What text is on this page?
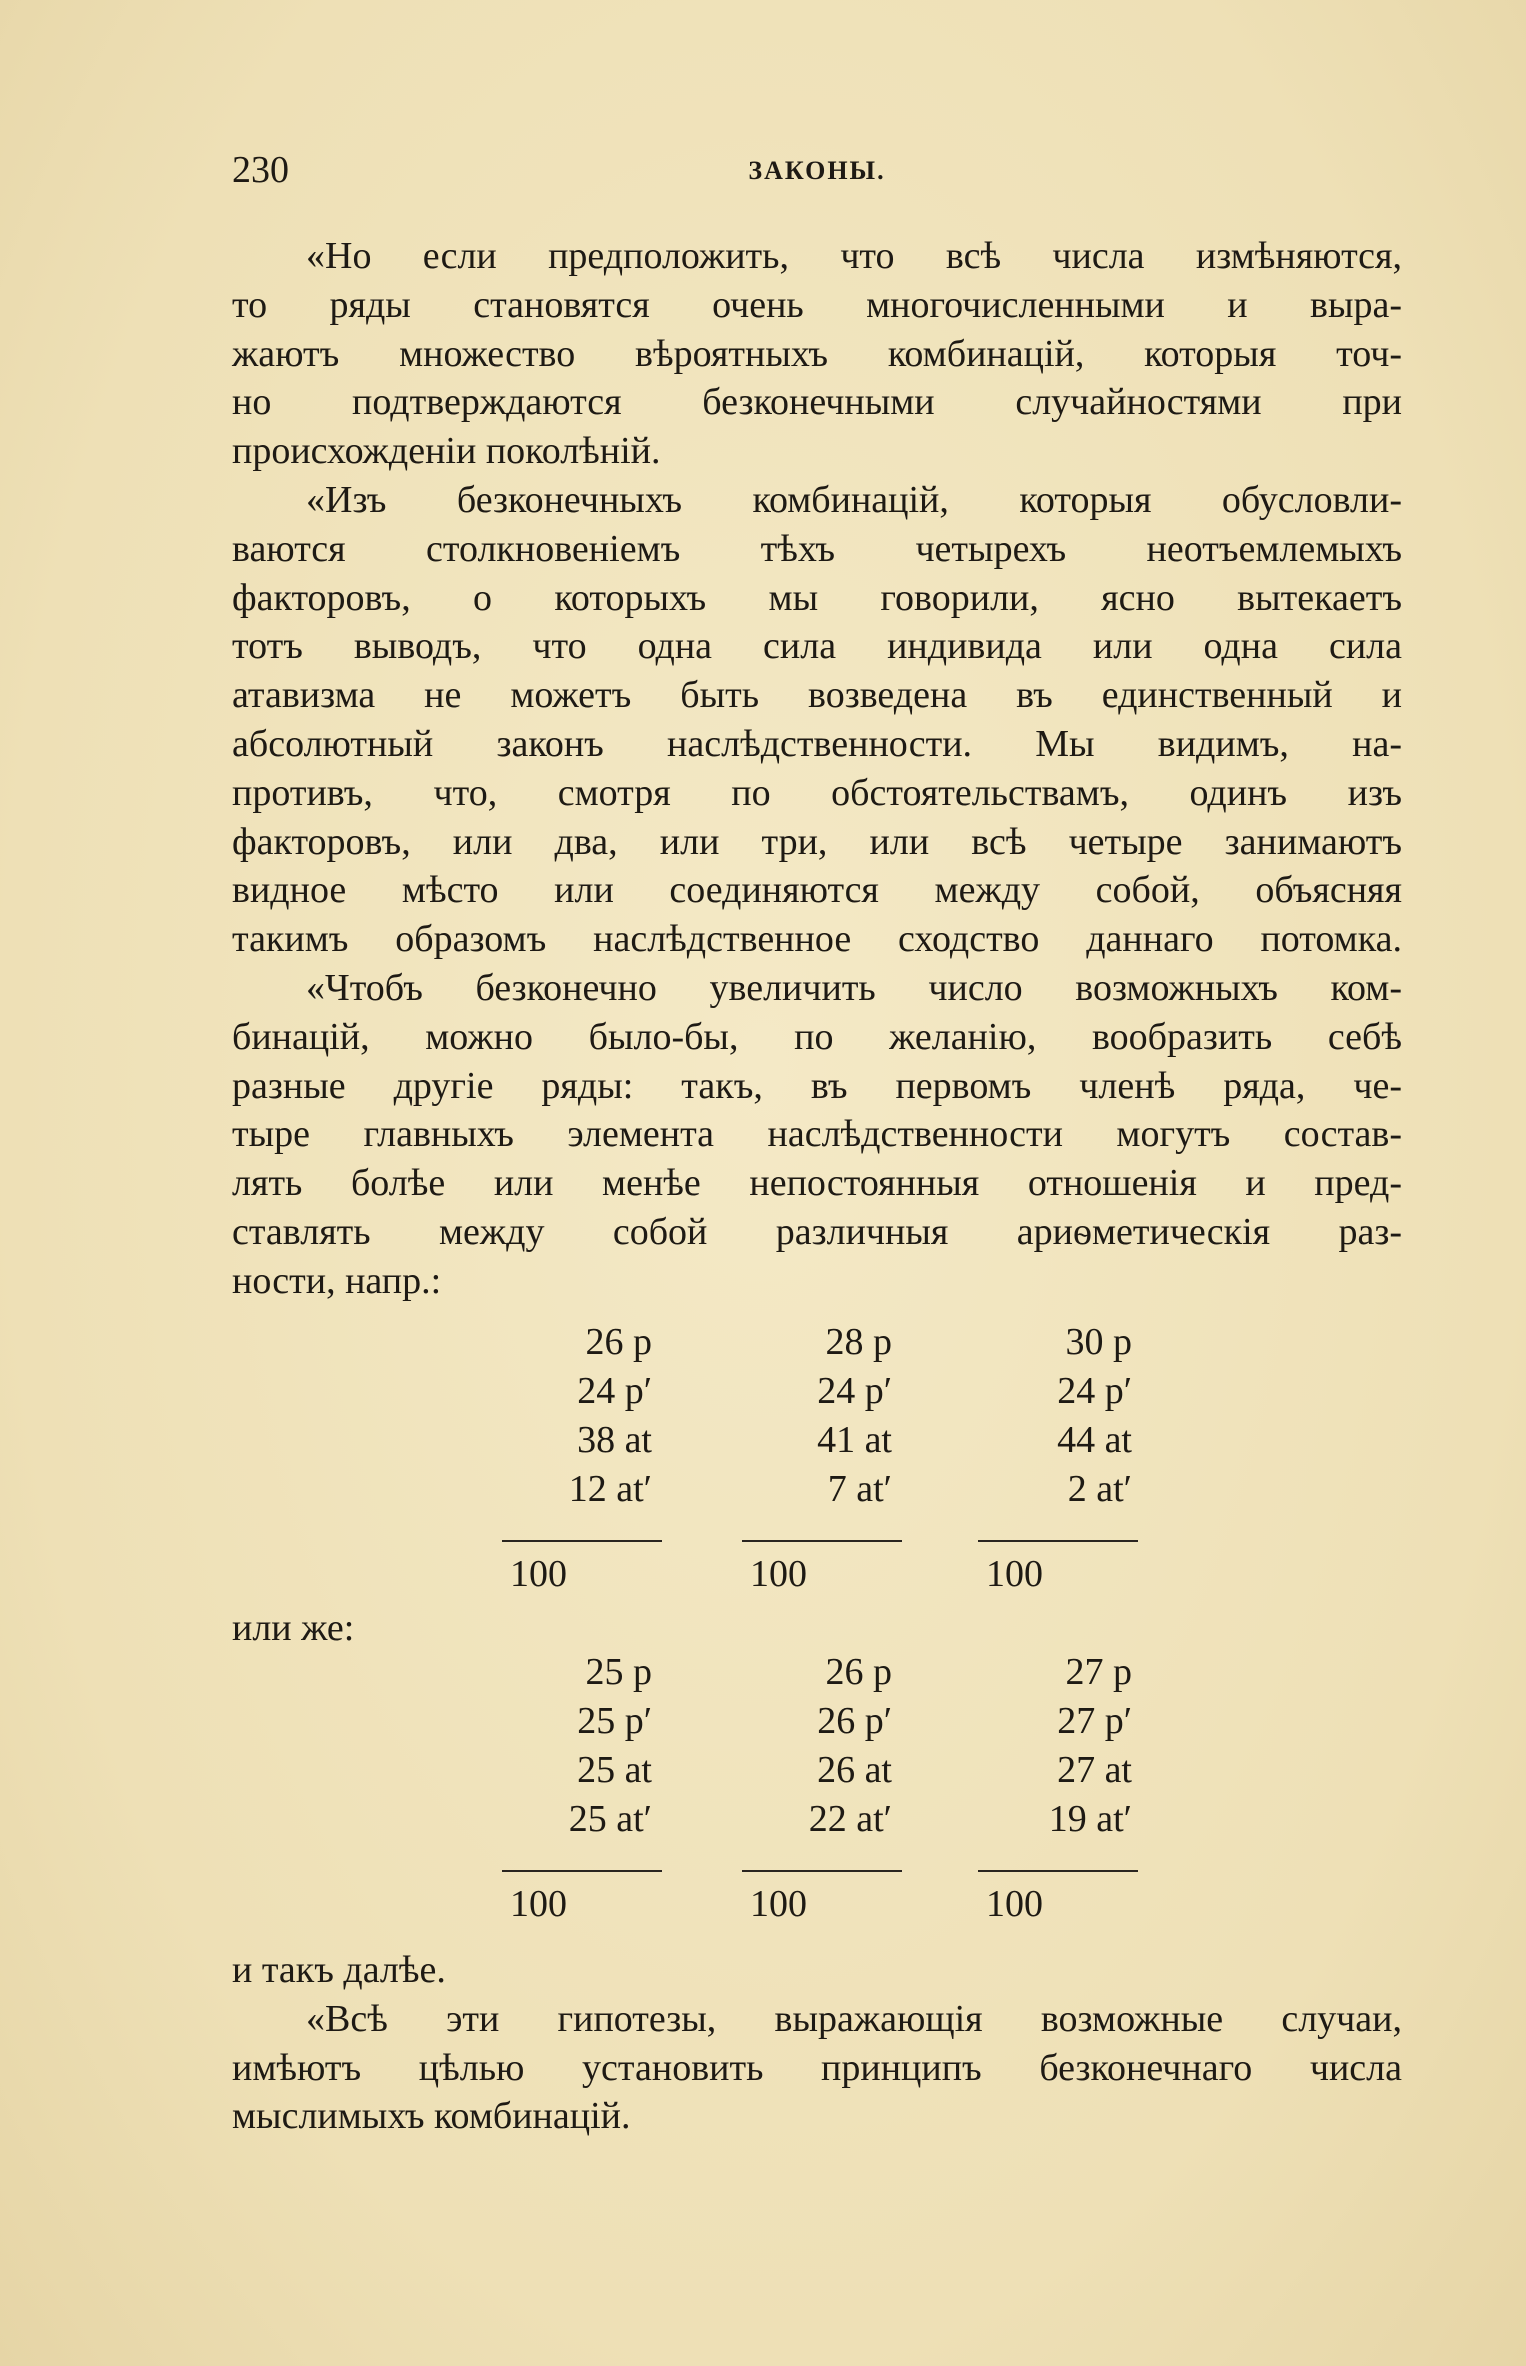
230	ЗАКОНЫ.
«Но если предположить, что всѣ числа измѣняются,
то ряды становятся очень многочисленными и выра-
жаютъ множество вѣроятныхъ комбинацій, которыя точ-
но подтверждаются безконечными случайностями при
происхожденіи поколѣній.
«Изъ безконечныхъ комбинацій, которыя обусловли-
ваются столкновеніемъ тѣхъ четырехъ неотъемлемыхъ
факторовъ, о которыхъ мы говорили, ясно вытекаетъ
тотъ выводъ, что одна сила индивида или одна сила
атавизма не можетъ быть возведена въ единственный и
абсолютный законъ наслѣдственности. Мы видимъ, на-
противъ, что, смотря по обстоятельствамъ, одинъ изъ
факторовъ, или два, или три, или всѣ четыре занимаютъ
видное мѣсто или соединяются между собой, объясняя
такимъ образомъ наслѣдственное сходство даннаго потомка.
«Чтобъ безконечно увеличить число возможныхъ ком-
бинацій, можно было-бы, по желанію, вообразить себѣ
разные другіе ряды: такъ, въ первомъ членѣ ряда, че-
тыре главныхъ элемента наслѣдственности могутъ состав-
лять болѣе или менѣе непостоянныя отношенія и пред-
ставлять между собой различныя ариѳметическія раз-
ности, напр.:
26 p
24 p′
38 at
12 at′
100
28 p
24 p′
41 at
7 at′
100
30 p
24 p′
44 at
2 at′
100
или же:
25 p
25 p′
25 at
25 at′
100
26 p
26 p′
26 at
22 at′
100
27 p
27 p′
27 at
19 at′
100
и такъ далѣе.
«Всѣ эти гипотезы, выражающія возможные случаи,
имѣютъ цѣлью установить принципъ безконечнаго числа
мыслимыхъ комбинацій.
